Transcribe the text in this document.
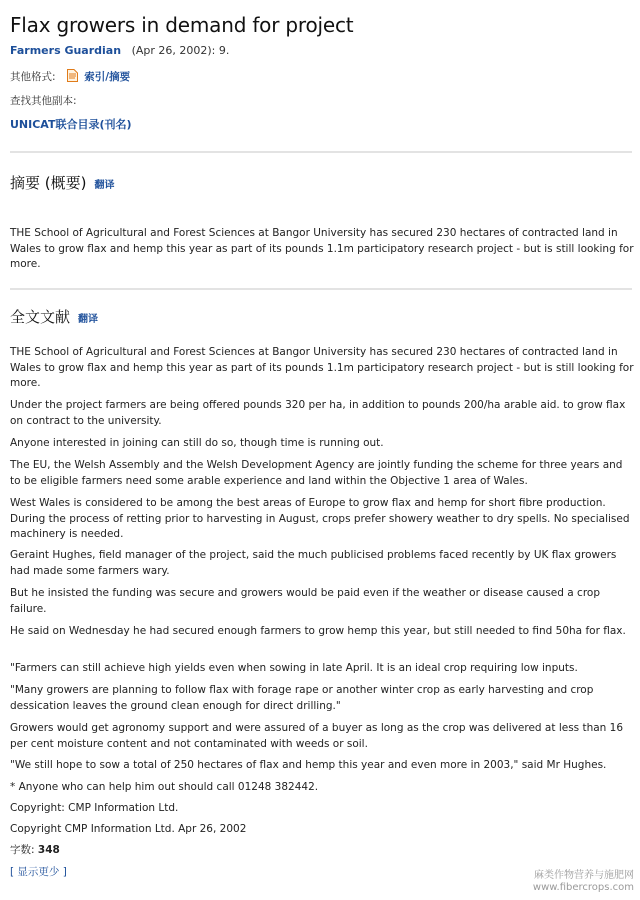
Flax growers in demand for project
Farmers Guardian (Apr 26, 2002): 9.
其他格式:	索引/摘要
查找其他副本:
UNICAT联合目录(刊名)
摘要 (概要) 翻译

THE School of Agricultural and Forest Sciences at Bangor University has secured 230 hectares of contracted land in Wales to grow flax and hemp this year as part of its pounds 1.1m participatory research project - but is still looking for more.

全文文献 翻译

THE School of Agricultural and Forest Sciences at Bangor University has secured 230 hectares of contracted land in Wales to grow flax and hemp this year as part of its pounds 1.1m participatory research project - but is still looking for more.

Under the project farmers are being offered pounds 320 per ha, in addition to pounds 200/ha arable aid. to grow flax on contract to the university.

Anyone interested in joining can still do so, though time is running out.

The EU, the Welsh Assembly and the Welsh Development Agency are jointly funding the scheme for three years and to be eligible farmers need some arable experience and land within the Objective 1 area of Wales.

West Wales is considered to be among the best areas of Europe to grow flax and hemp for short fibre production. During the process of retting prior to harvesting in August, crops prefer showery weather to dry spells. No specialised machinery is needed.

Geraint Hughes, field manager of the project, said the much publicised problems faced recently by UK flax growers had made some farmers wary.

But he insisted the funding was secure and growers would be paid even if the weather or disease caused a crop failure.

He said on Wednesday he had secured enough farmers to grow hemp this year, but still needed to find 50ha for flax.

"Farmers can still achieve high yields even when sowing in late April. It is an ideal crop requiring low inputs.

"Many growers are planning to follow flax with forage rape or another winter crop as early harvesting and crop dessication leaves the ground clean enough for direct drilling."

Growers would get agronomy support and were assured of a buyer as long as the crop was delivered at less than 16 per cent moisture content and not contaminated with weeds or soil.

"We still hope to sow a total of 250 hectares of flax and hemp this year and even more in 2003," said Mr Hughes.

* Anyone who can help him out should call 01248 382442.

Copyright: CMP Information Ltd.

Copyright CMP Information Ltd. Apr 26, 2002

字数: 348
[ 显示更少 ]	麻类作物营养与施肥网
www.fibercrops.com
